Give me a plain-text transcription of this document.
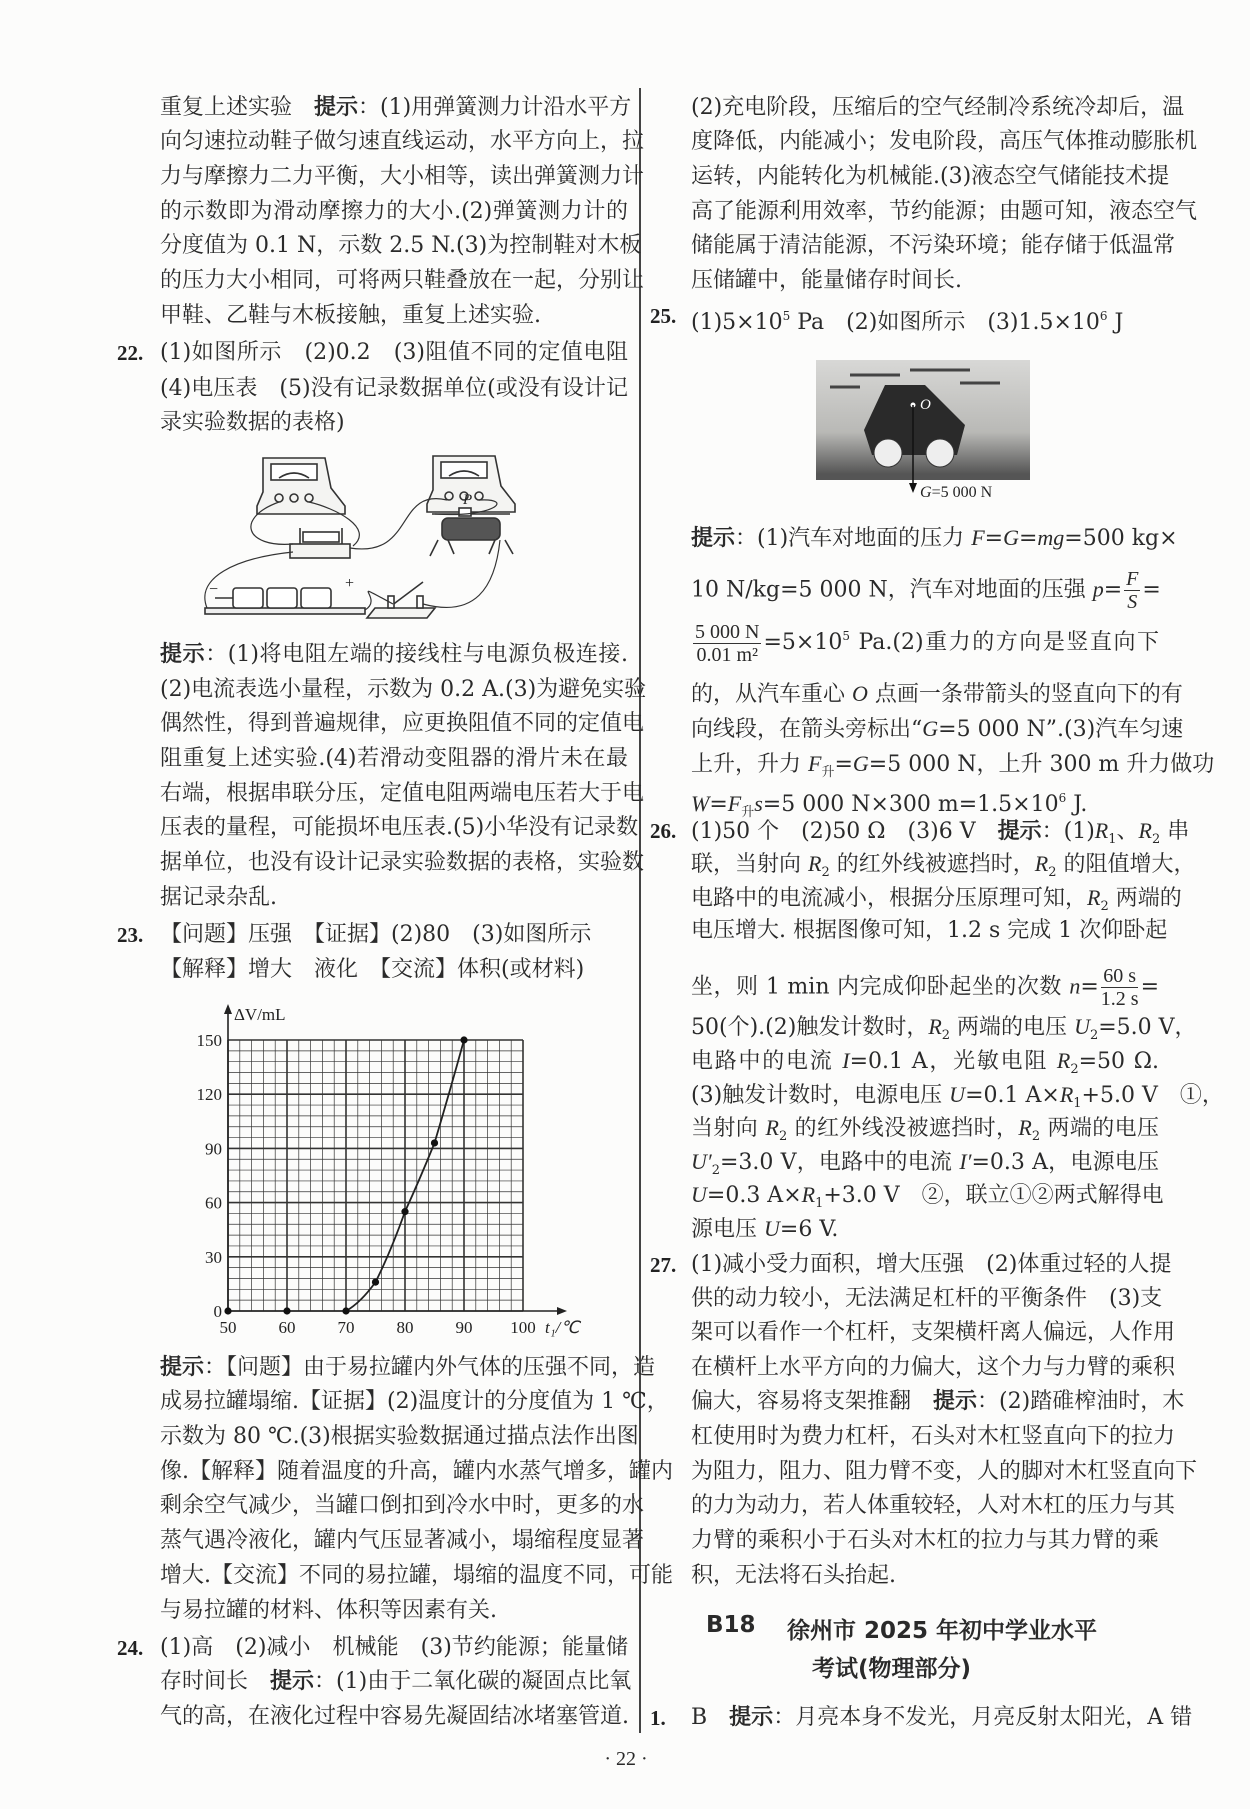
重复上述实验　提示：(1)用弹簧测力计沿水平方
向匀速拉动鞋子做匀速直线运动，水平方向上，拉
力与摩擦力二力平衡，大小相等，读出弹簧测力计
的示数即为滑动摩擦力的大小.(2)弹簧测力计的
分度值为 0.1 N，示数 2.5 N.(3)为控制鞋对木板
的压力大小相同，可将两只鞋叠放在一起，分别让
甲鞋、乙鞋与木板接触，重复上述实验.
22. (1)如图所示　(2)0.2　(3)阻值不同的定值电阻
(4)电压表　(5)没有记录数据单位(或没有设计记
录实验数据的表格)
提示：(1)将电阻左端的接线柱与电源负极连接.
(2)电流表选小量程，示数为 0.2 A.(3)为避免实验
偶然性，得到普遍规律，应更换阻值不同的定值电
阻重复上述实验.(4)若滑动变阻器的滑片未在最
右端，根据串联分压，定值电阻两端电压若大于电
压表的量程，可能损坏电压表.(5)小华没有记录数
据单位，也没有设计记录实验数据的表格，实验数
据记录杂乱.
23. 【问题】压强　【证据】(2)80　(3)如图所示
【解释】增大　液化　【交流】体积(或材料)
提示：【问题】由于易拉罐内外气体的压强不同，造
成易拉罐塌缩.【证据】(2)温度计的分度值为 1 ℃，
示数为 80 ℃.(3)根据实验数据通过描点法作出图
像.【解释】随着温度的升高，罐内水蒸气增多，罐内
剩余空气减少，当罐口倒扣到冷水中时，更多的水
蒸气遇冷液化，罐内气压显著减小，塌缩程度显著
增大.【交流】不同的易拉罐，塌缩的温度不同，可能
与易拉罐的材料、体积等因素有关.
24. (1)高　(2)减小　机械能　(3)节约能源；能量储
存时间长　提示：(1)由于二氧化碳的凝固点比氧
气的高，在液化过程中容易先凝固结冰堵塞管道.
(2)充电阶段，压缩后的空气经制冷系统冷却后，温
度降低，内能减小；发电阶段，高压气体推动膨胀机
运转，内能转化为机械能.(3)液态空气储能技术提
高了能源利用效率，节约能源；由题可知，液态空气
储能属于清洁能源，不污染环境；能存储于低温常
压储罐中，能量储存时间长.
25. $(1)5\times 10^5$ Pa　(2)如图所示　$(3)1.5\times 10^6$ J
提示：(1)汽车对地面的压力 F=G=mg=500 kg×
10 N/kg=5 000 N，汽车对地面的压强 $p= \frac{F}{S}$ =
$\frac{5 000 N}{\text{0.01 m²}} =5\times 10^5$ Pa.(2)重力的方向是竖直向下
的，从汽车重心 O 点画一条带箭头的竖直向下的有
向线段，在箭头旁标出“G=5 000 N”.(3)汽车匀速
上升，升力 $F_升=G=5$ 000 N，上升 300 m 升力做功
$W=F_升s=5$ 000 N×300 $m=1.5\times 10^6$ J.
26. (1)50 个　(2)50 Ω　(3)6 V　提示：$(1)R_1$、$R_2$ 串
联，当射向 $R_2$ 的红外线被遮挡时，$R_2$ 的阻值增大，
电路中的电流减小，根据分压原理可知，$R_2$ 两端的
电压增大. 根据图像可知，1.2 s 完成 1 次仰卧起
坐，则 1 min 内完成仰卧起坐的次数 $n= \frac{60 s}{1.2 s}$ =
50(个).(2)触发计数时，$R_2$ 两端的电压 $U_2=5.0$ V，
电路中的电流 I=0.1 A，光敏电阻 $R_2=50$ Ω.
(3)触发计数时，电源电压 U=0.1 $A\times R_1+5.0$ V　①，
当射向 $R_2$ 的红外线没被遮挡时，$R_2$ 两端的电压
$U'_2=3.0$ V，电路中的电流 I′=0.3 A，电源电压
U=0.3 $A\times R_1+3.0$ V　②，联立①②两式解得电
源电压 U=6 V.
27. (1)减小受力面积，增大压强　(2)体重过轻的人提
供的动力较小，无法满足杠杆的平衡条件　(3)支
架可以看作一个杠杆，支架横杆离人偏远，人作用
在横杆上水平方向的力偏大，这个力与力臂的乘积
偏大，容易将支架推翻　提示：(2)踏碓榨油时，木
杠使用时为费力杠杆，石头对木杠竖直向下的拉力
为阻力，阻力、阻力臂不变，人的脚对木杠竖直向下
的力为动力，若人体重较轻，人对木杠的压力与其
力臂的乘积小于石头对木杠的拉力与其力臂的乘
积，无法将石头抬起.
1. B　提示：月亮本身不发光，月亮反射太阳光，A 错
P
−	+
O
G=5 000 N
50 60 70 80 90 100
0
30
60
90
120
150
t₁/℃
ΔV/mL
B18 徐州市 2025 年初中学业水平
考试(物理部分)
· 22 ·
